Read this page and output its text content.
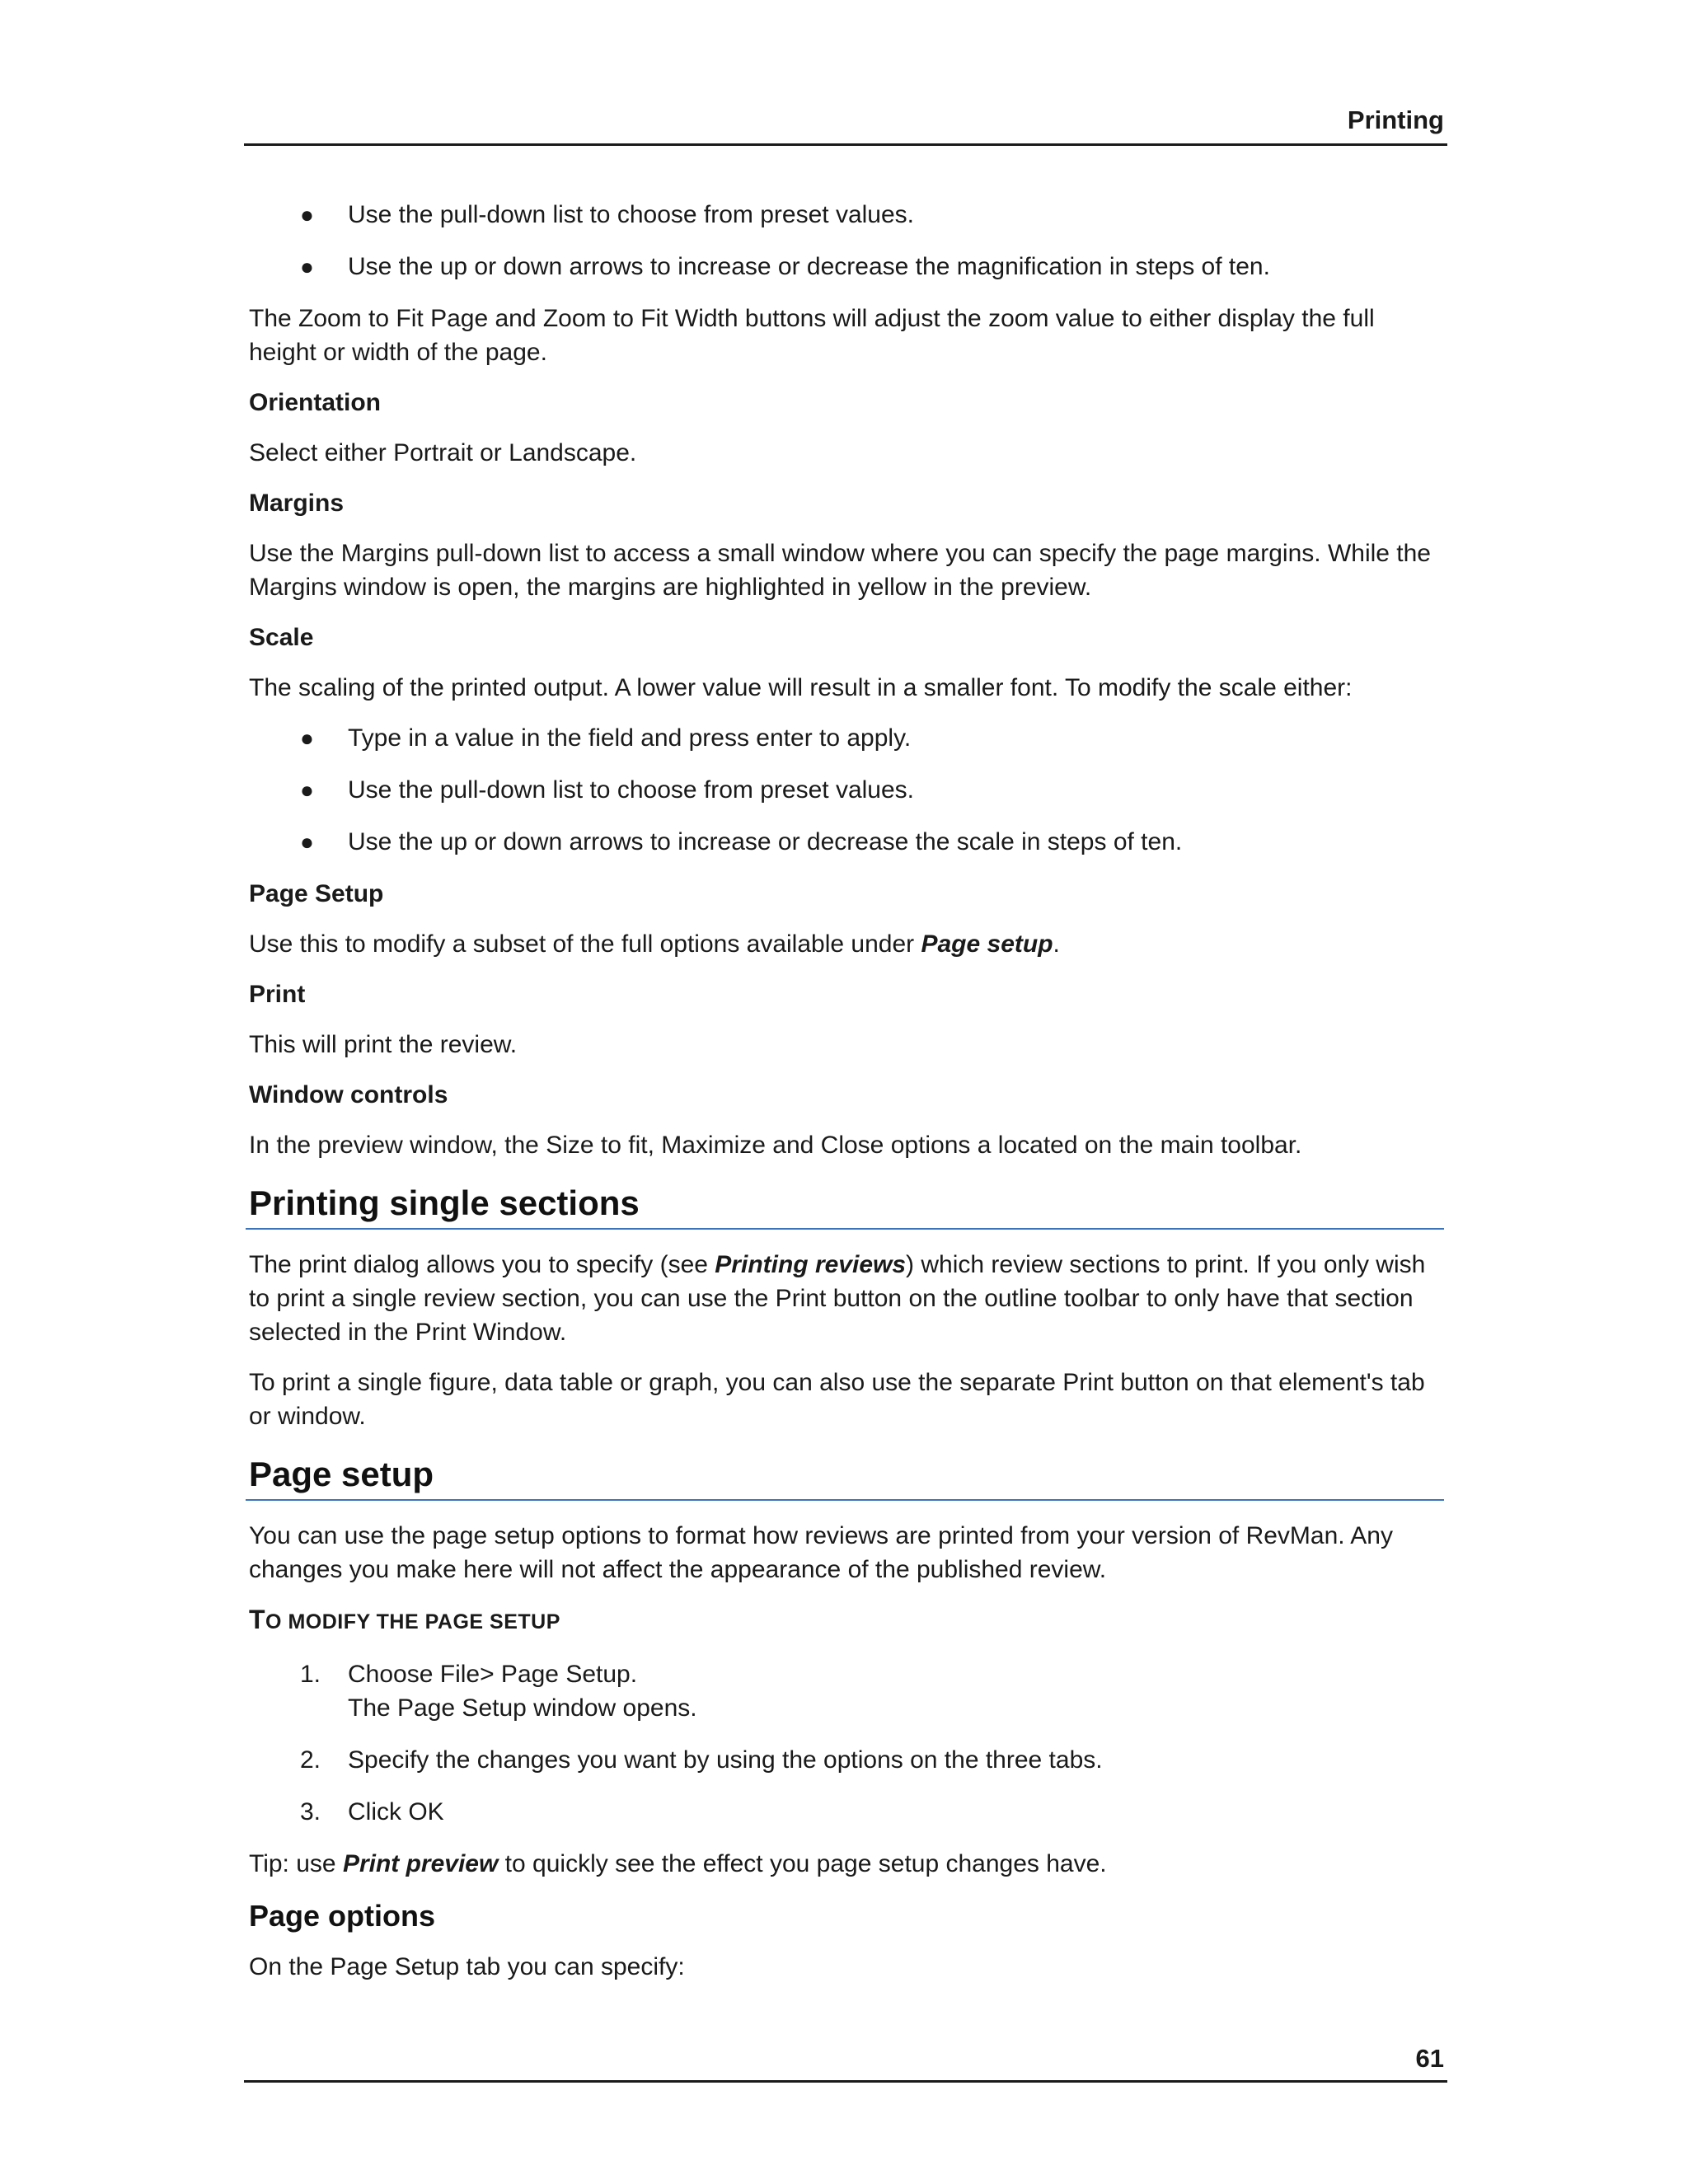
Printing
● Use the pull-down list to choose from preset values.
● Use the up or down arrows to increase or decrease the magnification in steps of ten.

The Zoom to Fit Page and Zoom to Fit Width buttons will adjust the zoom value to either display the full height or width of the page.

Orientation

Select either Portrait or Landscape.

Margins

Use the Margins pull-down list to access a small window where you can specify the page margins. While the Margins window is open, the margins are highlighted in yellow in the preview.

Scale

The scaling of the printed output. A lower value will result in a smaller font. To modify the scale either:

● Type in a value in the field and press enter to apply.
● Use the pull-down list to choose from preset values.
● Use the up or down arrows to increase or decrease the scale in steps of ten.
Page Setup

Use this to modify a subset of the full options available under Page setup.

Print

This will print the review.

Window controls

In the preview window, the Size to fit, Maximize and Close options a located on the main toolbar.

Printing single sections

The print dialog allows you to specify (see Printing reviews) which review sections to print. If you only wish to print a single review section, you can use the Print button on the outline toolbar to only have that section selected in the Print Window.

To print a single figure, data table or graph, you can also use the separate Print button on that element's tab or window.

Page setup

You can use the page setup options to format how reviews are printed from your version of RevMan. Any changes you make here will not affect the appearance of the published review.

TO MODIFY THE PAGE SETUP
1. Choose File> Page Setup.
The Page Setup window opens.
2. Specify the changes you want by using the options on the three tabs.
3. Click OK

Tip: use Print preview to quickly see the effect you page setup changes have.

Page options

On the Page Setup tab you can specify:

61
